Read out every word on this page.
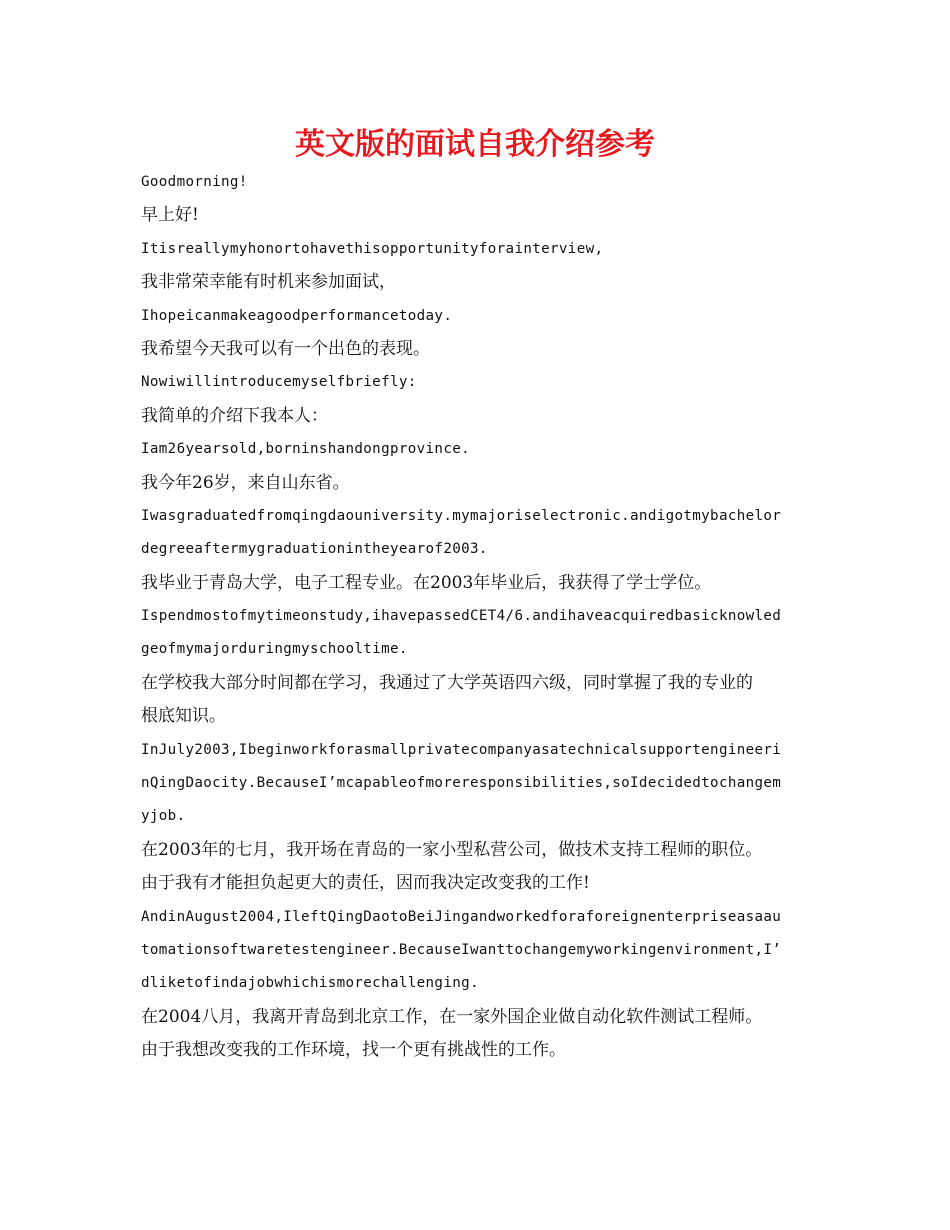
英文版的面试自我介绍参考
Goodmorning!
早上好!
Itisreallymyhonortohavethisopportunityforainterview,
我非常荣幸能有时机来参加面试，
Ihopeicanmakeagoodperformancetoday.
我希望今天我可以有一个出色的表现。
Nowiwillintroducemyselfbriefly:
我简单的介绍下我本人：
Iam26yearsold,borninshandongprovince.
我今年26岁，来自山东省。
Iwasgraduatedfromqingdaouniversity.mymajoriselectronic.andigotmybachelor
degreeaftermygraduationintheyearof2003.
我毕业于青岛大学，电子工程专业。在2003年毕业后，我获得了学士学位。
Ispendmostofmytimeonstudy,ihavepassedCET4/6.andihaveacquiredbasicknowled
geofmymajorduringmyschooltime.
在学校我大部分时间都在学习，我通过了大学英语四六级，同时掌握了我的专业的
根底知识。
InJuly2003,Ibeginworkforasmallprivatecompanyasatechnicalsupportengineeri
nQingDaocity.BecauseI’mcapableofmoreresponsibilities,soIdecidedtochangem
yjob.
在2003年的七月，我开场在青岛的一家小型私营公司，做技术支持工程师的职位。
由于我有才能担负起更大的责任，因而我决定改变我的工作!
AndinAugust2004,IleftQingDaotoBeiJingandworkedforaforeignenterpriseasaau
tomationsoftwaretestengineer.BecauseIwanttochangemyworkingenvironment,I’
dliketofindajobwhichismorechallenging.
在2004八月，我离开青岛到北京工作，在一家外国企业做自动化软件测试工程师。
由于我想改变我的工作环境，找一个更有挑战性的工作。
